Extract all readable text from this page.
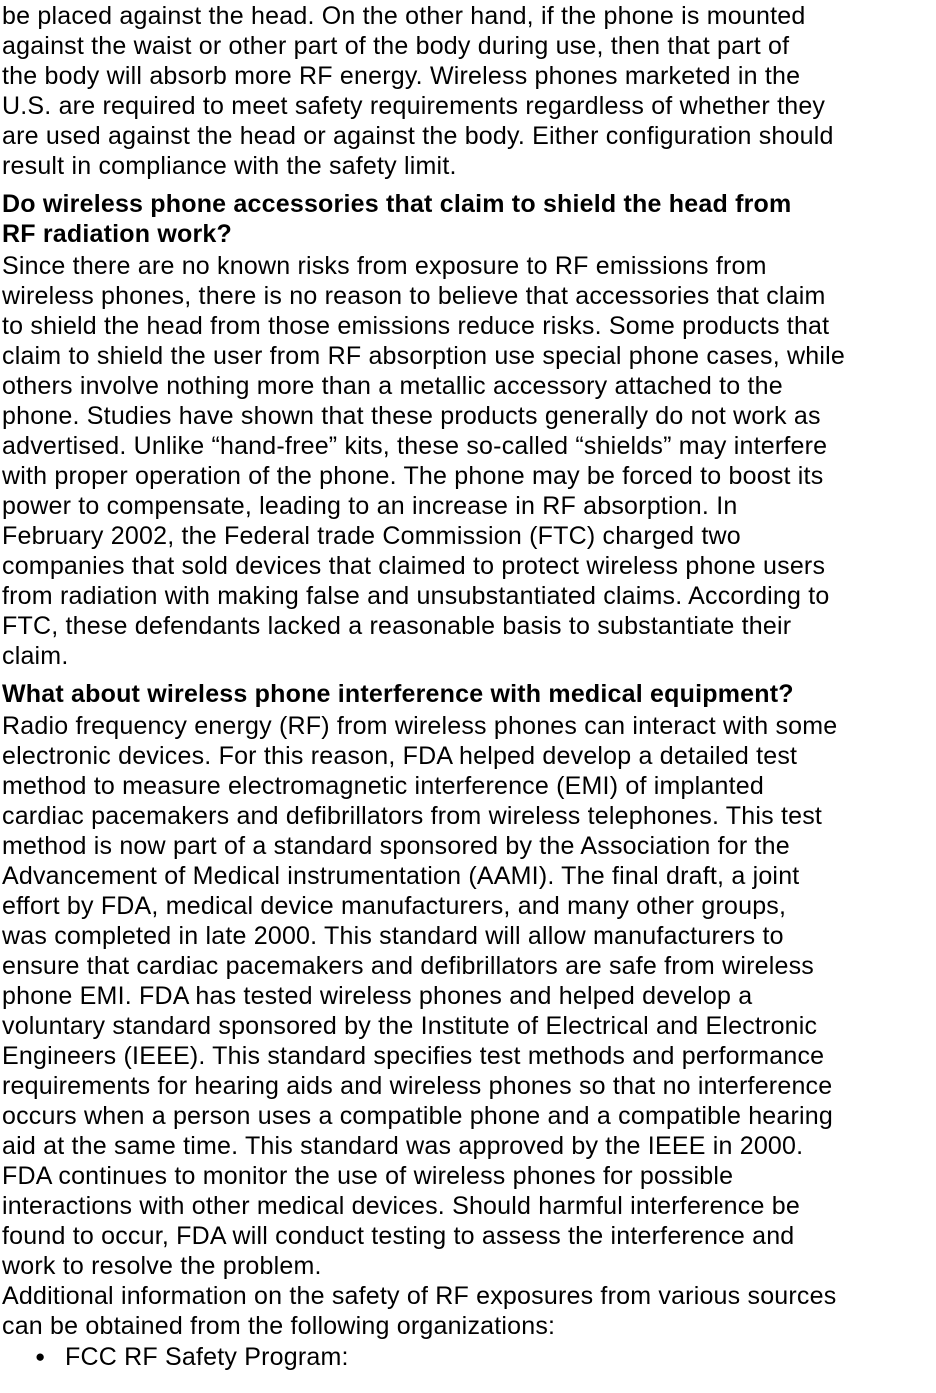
be placed against the head. On the other hand, if the phone is mounted
against the waist or other part of the body during use, then that part of
the body will absorb more RF energy. Wireless phones marketed in the
U.S. are required to meet safety requirements regardless of whether they
are used against the head or against the body. Either configuration should
result in compliance with the safety limit.
Do wireless phone accessories that claim to shield the head from
RF radiation work?
Since there are no known risks from exposure to RF emissions from
wireless phones, there is no reason to believe that accessories that claim
to shield the head from those emissions reduce risks. Some products that
claim to shield the user from RF absorption use special phone cases, while
others involve nothing more than a metallic accessory attached to the
phone. Studies have shown that these products generally do not work as
advertised. Unlike “hand-free” kits, these so-called “shields” may interfere
with proper operation of the phone. The phone may be forced to boost its
power to compensate, leading to an increase in RF absorption. In
February 2002, the Federal trade Commission (FTC) charged two
companies that sold devices that claimed to protect wireless phone users
from radiation with making false and unsubstantiated claims. According to
FTC, these defendants lacked a reasonable basis to substantiate their
claim.
What about wireless phone interference with medical equipment?
Radio frequency energy (RF) from wireless phones can interact with some
electronic devices. For this reason, FDA helped develop a detailed test
method to measure electromagnetic interference (EMI) of implanted
cardiac pacemakers and defibrillators from wireless telephones. This test
method is now part of a standard sponsored by the Association for the
Advancement of Medical instrumentation (AAMI). The final draft, a joint
effort by FDA, medical device manufacturers, and many other groups,
was completed in late 2000. This standard will allow manufacturers to
ensure that cardiac pacemakers and defibrillators are safe from wireless
phone EMI. FDA has tested wireless phones and helped develop a
voluntary standard sponsored by the Institute of Electrical and Electronic
Engineers (IEEE). This standard specifies test methods and performance
requirements for hearing aids and wireless phones so that no interference
occurs when a person uses a compatible phone and a compatible hearing
aid at the same time. This standard was approved by the IEEE in 2000.
FDA continues to monitor the use of wireless phones for possible
interactions with other medical devices. Should harmful interference be
found to occur, FDA will conduct testing to assess the interference and
work to resolve the problem.
Additional information on the safety of RF exposures from various sources
can be obtained from the following organizations:
● FCC RF Safety Program:
